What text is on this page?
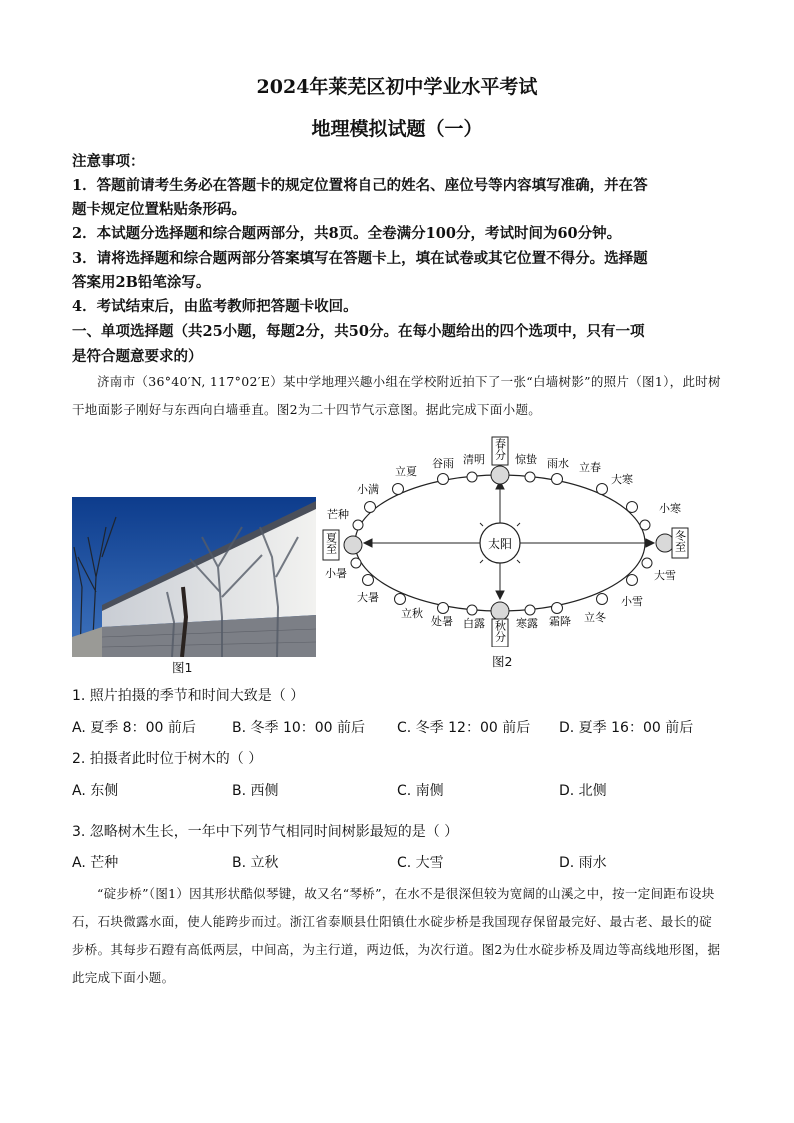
2024年莱芜区初中学业水平考试
地理模拟试题（一）
注意事项：
1．答题前请考生务必在答题卡的规定位置将自己的姓名、座位号等内容填写准确，并在答
题卡规定位置粘贴条形码。
2．本试题分选择题和综合题两部分，共8页。全卷满分100分，考试时间为60分钟。
3．请将选择题和综合题两部分答案填写在答题卡上，填在试卷或其它位置不得分。选择题
答案用2B铅笔涂写。
4．考试结束后，由监考教师把答题卡收回。
一、单项选择题（共25小题，每题2分，共50分。在每小题给出的四个选项中，只有一项
是符合题意要求的）
济南市（36°40′N, 117°02′E）某中学地理兴趣小组在学校附近拍下了一张“白墙树影”的照片（图1），此时树干地面影子刚好与东西向白墙垂直。图2为二十四节气示意图。据此完成下面小题。
图1
太阳
春分
秋分
夏至	冬至
立夏
谷雨 清明	惊蛰 雨水 立春
大寒
小满
小寒
芒种
小暑	大雪
大暑	小雪
立秋	立冬
处暑 白露	寒露 霜降
图2
1. 照片拍摄的季节和时间大致是（ ）
A. 夏季 8：00 前后	B. 冬季 10：00 前后 C. 冬季 12：00 前后 D. 夏季 16：00 前后
2. 拍摄者此时位于树木的（ ）
A. 东侧	B. 西侧	C. 南侧	D. 北侧
3. 忽略树木生长，一年中下列节气相同时间树影最短的是（ ）
A. 芒种	B. 立秋	C. 大雪	D. 雨水
“碇步桥”（图1）因其形状酷似琴键，故又名“琴桥”，在水不是很深但较为宽阔的山溪之中，按一定间距布设块石，石块微露水面，使人能跨步而过。浙江省泰顺县仕阳镇仕水碇步桥是我国现存保留最完好、最古老、最长的碇步桥。其每步石蹬有高低两层，中间高，为主行道，两边低，为次行道。图2为仕水碇步桥及周边等高线地形图，据此完成下面小题。
